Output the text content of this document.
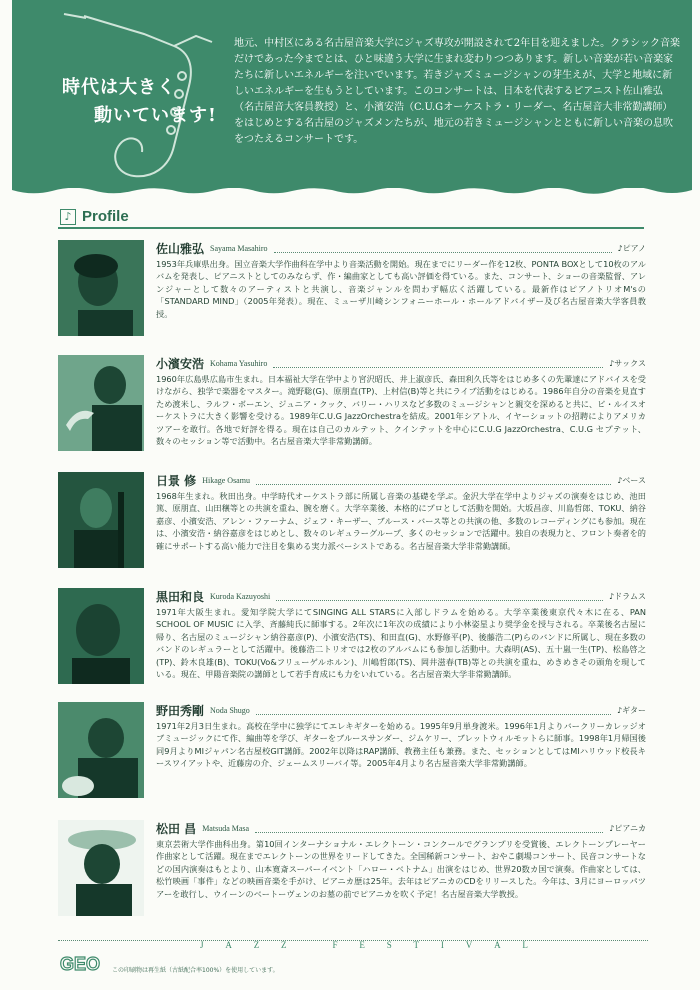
時代は大きく
動いています!
地元、中村区にある名古屋音楽大学にジャズ専攻が開設されて2年目を迎えました。クラシック音楽だけであった今までとは、ひと味違う大学に生まれ変わりつつあります。新しい音楽が若い音楽家たちに新しいエネルギーを注いでいます。若きジャズミュージシャンの芽生えが、大学と地域に新しいエネルギーを生もうとしています。このコンサートは、日本を代表するピアニスト佐山雅弘（名古屋音大客員教授）と、小濱安浩（C.U.Gオーケストラ・リーダー、名古屋音大非常勤講師）をはじめとする名古屋のジャズメンたちが、地元の若きミュージシャンとともに新しい音楽の息吹をつたえるコンサートです。
♪ Profile
佐山雅弘 Sayama Masahiro	♪ピアノ
1953年兵庫県出身。国立音楽大学作曲科在学中より音楽活動を開始。現在までにリーダー作を12枚、PONTA BOXとして10枚のアルバムを発表し、ピアニストとしてのみならず、作・編曲家としても高い評価を得ている。また、コンサート、ショーの音楽監督、アレンジャーとして数々のアーティストと共演し、音楽ジャンルを問わず幅広く活躍している。最新作はピアノトリオM'sの「STANDARD MIND」（2005年発表）。現在、ミューザ川崎シンフォニーホール・ホールアドバイザー及び名古屋音楽大学客員教授。
小濱安浩 Kohama Yasuhiro	♪サックス
1960年広島県広島市生まれ。日本福祉大学在学中より宮沢昭氏、井上淑彦氏、森田利久氏等をはじめ多くの先輩達にアドバイスを受けながら、独学で楽器をマスター。滝野聡(G)、原朋直(TP)、上村信(B)等と共にライブ活動をはじめる。1986年自分の音楽を見直すため渡米し、ラルフ・ボーエン、ジュニア・クック、バリー・ハリスなど多数のミュージシャンと親交を深めると共に、ビ・ルイスオーケストラに大きく影響を受ける。1989年C.U.G JazzOrchestraを結成。2001年シアトル、イヤーショットの招聘によりアメリカツアーを敢行。各地で好評を得る。現在は自己のカルテット、クインテットを中心にC.U.G JazzOrchestra、C.U.G セプテット、数々のセッション等で活動中。名古屋音楽大学非常勤講師。
日景 修 Hikage Osamu	♪ベース
1968年生まれ。秋田出身。中学時代オーケストラ部に所属し音楽の基礎を学ぶ。金沢大学在学中よりジャズの演奏をはじめ、池田篤、原朋直、山田穣等との共演を重ね、腕を磨く。大学卒業後、本格的にプロとして活動を開始。大坂昌彦、川島哲郎、TOKU、納谷嘉彦、小濱安浩、アレン・ファーナム、ジェフ・キーザー、ブルース・バース等との共演の他、多数のレコーディングにも参加。現在は、小濱安浩・納谷嘉彦をはじめとし、数々のレギュラーグループ、多くのセッションで活躍中。独自の表現力と、フロント奏者を的確にサポートする高い能力で注目を集める実力派ベーシストである。名古屋音楽大学非常勤講師。
黒田和良 Kuroda Kazuyoshi	♪ドラムス
1971年大阪生まれ。愛知学院大学にてSINGING ALL STARSに入部しドラムを始める。大学卒業後東京代々木に在る、PAN SCHOOL OF MUSIC に入学、斉藤純氏に師事する。2年次に1年次の成績により小林姿星より奨学金を授与される。卒業後名古屋に帰り、名古屋のミュージシャン納谷嘉彦(P)、小濱安浩(TS)、和田直(G)、水野修平(P)、後藤浩二(P)らのバンドに所属し、現在多数のバンドのレギュラーとして活躍中。後藤浩二トリオでは2枚のアルバムにも参加し活動中。大森明(AS)、五十嵐一生(TP)、松島啓之(TP)、鈴木良雄(B)、TOKU(Vo&フリューゲルホルン)、川嶋哲郎(TS)、岡井滋春(TB)等との共演を重ね、めきめきその頭角を現している。現在、甲陽音楽院の講師として若手育成にも力をいれている。名古屋音楽大学非常勤講師。
野田秀剛 Noda Shugo	♪ギター
1971年2月3日生まれ。高校在学中に独学にてエレキギターを始める。1995年9月単身渡米。1996年1月よりバークリーカレッジオブミュージックにて作、編曲等を学び、ギターをブルースサンダー、ジムケリー、ブレットウィルモットらに師事。1998年1月帰国後同9月よりMIジャパン名古屋校GIT講師。2002年以降はRAP講師、教務主任も兼務。また、セッションとしてはMIハリウッド校長キースワイアットや、近藤房の介、ジェームスリーバイ等。2005年4月より名古屋音楽大学非常勤講師。
松田 昌 Matsuda Masa	♪ピアニカ
東京芸術大学作曲科出身。第10回インターナショナル・エレクトーン・コンクールでグランプリを受賞後、エレクトーンプレーヤー作曲家として活躍。現在までエレクトーンの世界をリードしてきた。全国稀新コンサート、おやこ劇場コンサート、民音コンサートなどの国内演奏はもとより、山本寛斎スーパーイベント「ハロー・ベトナム」出演をはじめ、世界20数カ国で演奏。作曲家としては、松竹映画「事件」などの映画音楽を手がけ、ピアニカ歴は25年。去年はピアニカのCDをリリースした。今年は、3月にヨーロッパツアーを敢行し、ウイーンのベートーヴェンのお墓の前でピアニカを吹く予定！名古屋音楽大学教授。
J A Z Z
	F E S T I V A L
GEO この印刷物は再生紙（古紙配合率100%）を使用しています。
